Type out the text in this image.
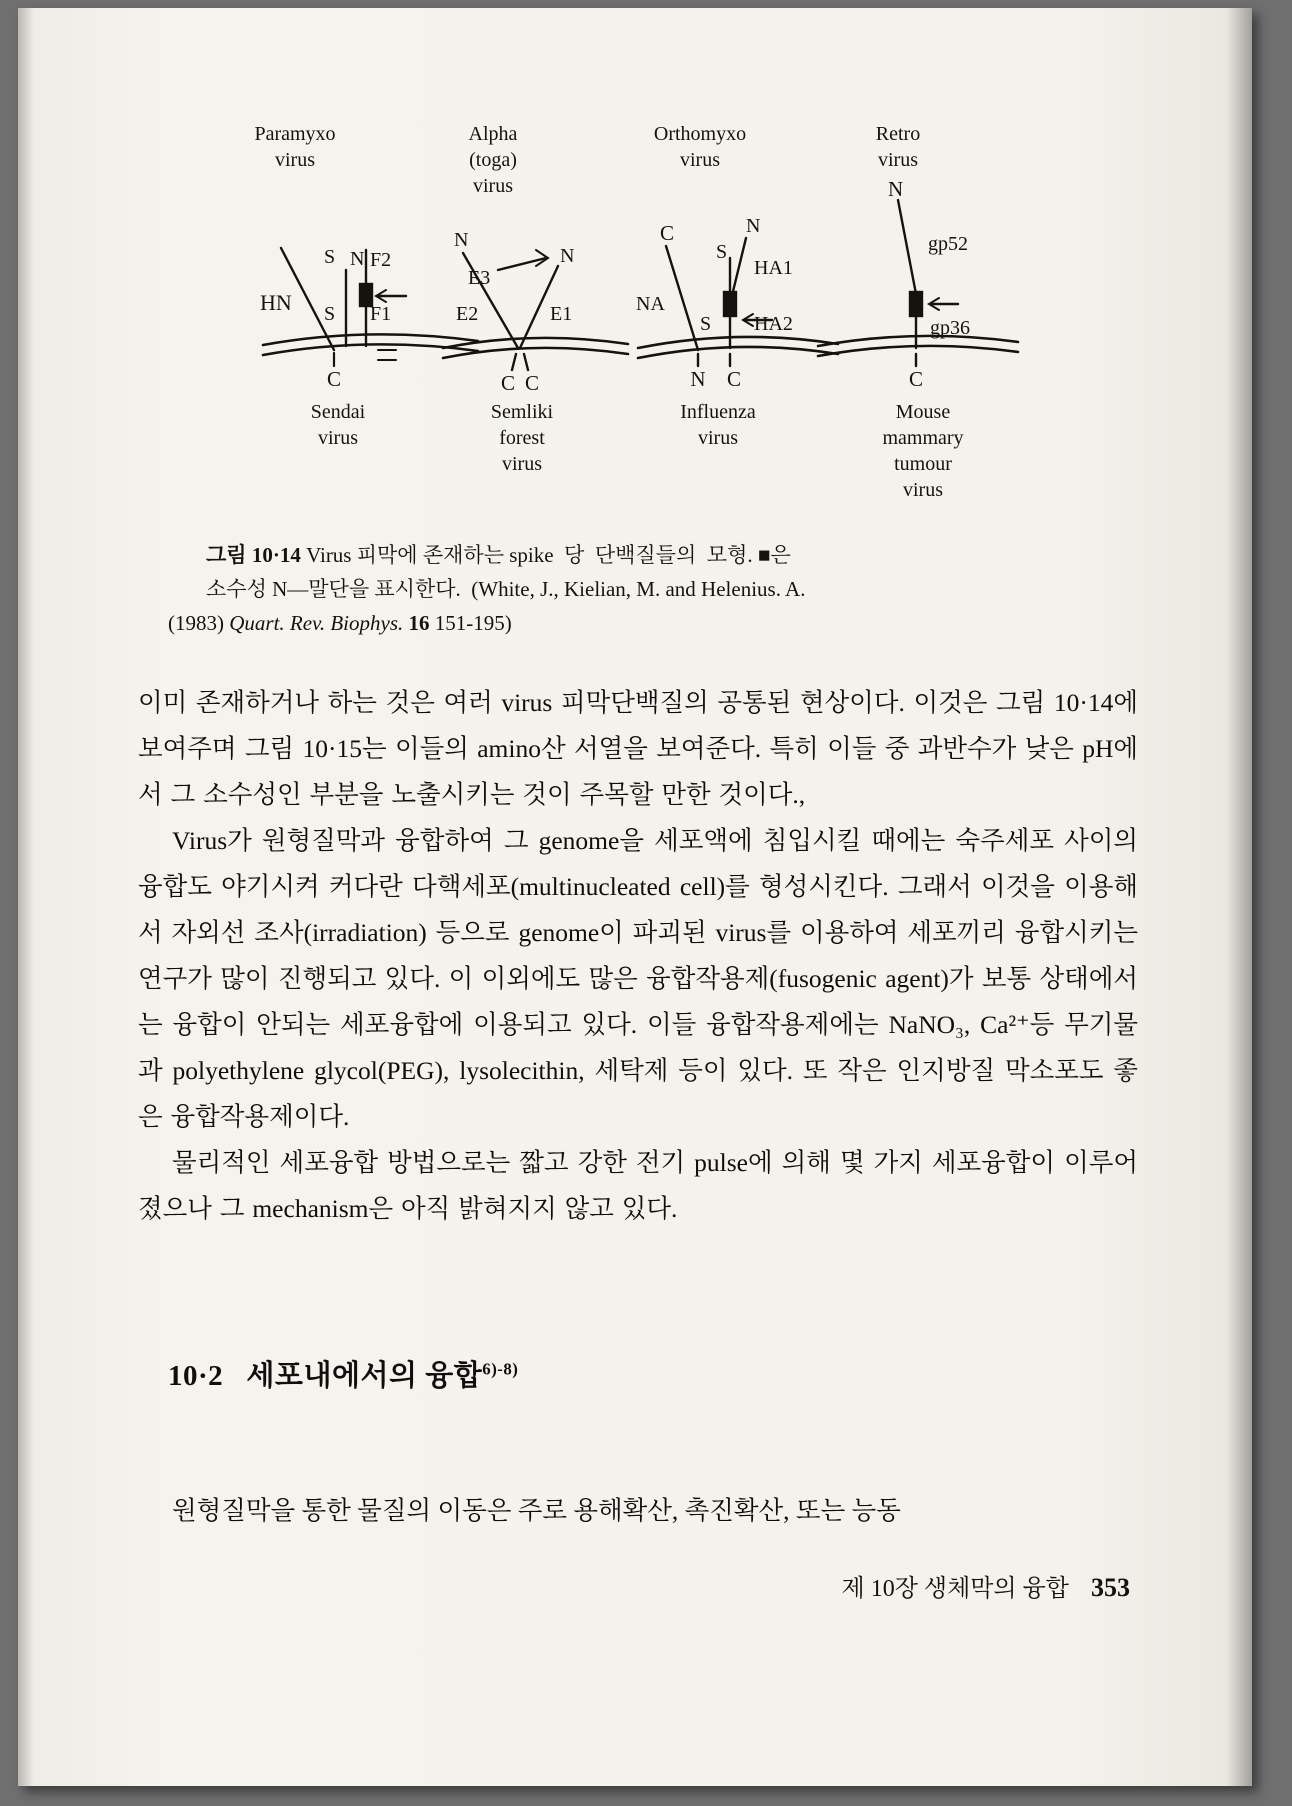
Paramyxo
virus
HN
S
S
N F2
F1
C
Sendai
virus
Alpha
(toga)
virus
N
E2
N
E1
E3
C C
Semliki
forest
virus
Orthomyxo
virus
C
NA
N
S
HA1
S HA2
N C
Influenza
virus
Retro
virus
N
gp52
gp36
C
Mouse
mammary
tumour
virus
그림 10·14 Virus 피막에 존재하는 spike  당  단백질들의  모형. ■은
소수성 N—말단을 표시한다.  (White, J., Kielian, M. and Helenius. A.
(1983) Quart. Rev. Biophys. 16 151-195)

이미 존재하거나 하는 것은 여러 virus 피막단백질의 공통된 현상이다. 이것은 그림 10·14에 보여주며 그림 10·15는 이들의 amino산 서열을 보여준다. 특히 이들 중 과반수가 낮은 pH에서 그 소수성인 부분을 노출시키는 것이 주목할 만한 것이다.,

Virus가 원형질막과 융합하여 그 genome을 세포액에 침입시킬 때에는 숙주세포 사이의 융합도 야기시켜 커다란 다핵세포(multinucleated cell)를 형성시킨다. 그래서 이것을 이용해서 자외선 조사(irradiation) 등으로 genome이 파괴된 virus를 이용하여 세포끼리 융합시키는 연구가 많이 진행되고 있다. 이 이외에도 많은 융합작용제(fusogenic agent)가 보통 상태에서는 융합이 안되는 세포융합에 이용되고 있다. 이들 융합작용제에는 NaNO₃, Ca²⁺등 무기물과 polyethylene glycol(PEG), lysolecithin, 세탁제 등이 있다. 또 작은 인지방질 막소포도 좋은 융합작용제이다.

물리적인 세포융합 방법으로는 짧고 강한 전기 pulse에 의해 몇 가지 세포융합이 이루어졌으나 그 mechanism은 아직 밝혀지지 않고 있다.

10·2 세포내에서의 융합$^{6)-8)}$
원형질막을 통한 물질의 이동은 주로 용해확산, 촉진확산, 또는 능동
제 10장 생체막의 융합 353
